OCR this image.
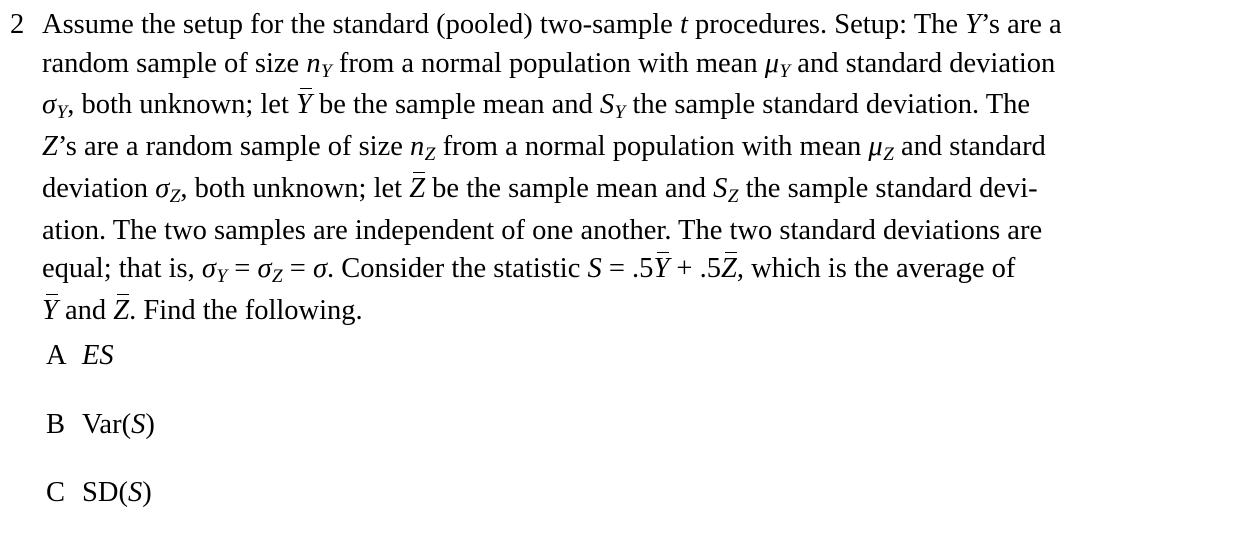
2 Assume the setup for the standard (pooled) two-sample t procedures. Setup: The Y’s are a
random sample of size nY from a normal population with mean μY and standard deviation
σY, both unknown; let Y be the sample mean and SY the sample standard deviation. The
Z’s are a random sample of size nZ from a normal population with mean μZ and standard
deviation σZ, both unknown; let Z be the sample mean and SZ the sample standard devi-
ation. The two samples are independent of one another. The two standard deviations are
equal; that is, σY = σZ = σ. Consider the statistic S = .5Y + .5Z, which is the average of
Y and Z. Find the following.
A ES
B Var ( S )
C SD ( S )
